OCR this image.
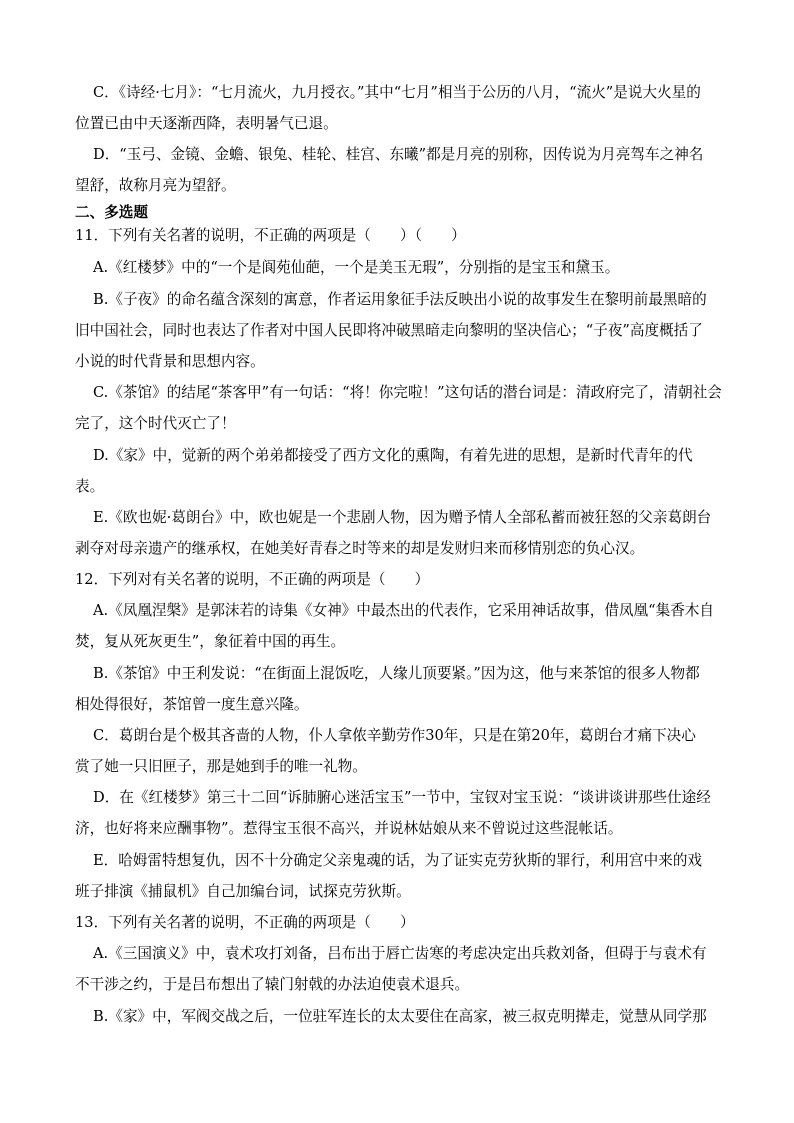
C．《诗经·七月》：“七月流火，九月授衣。”其中“七月”相当于公历的八月，“流火”是说大火星的
位置已由中天逐渐西降，表明暑气已退。
D．“玉弓、金镜、金蟾、银兔、桂轮、桂宫、东曦”都是月亮的别称，因传说为月亮驾车之神名
望舒，故称月亮为望舒。
二、多选题
11．下列有关名著的说明，不正确的两项是（　　）（　　）
A.《红楼梦》中的“一个是阆苑仙葩，一个是美玉无瑕”，分别指的是宝玉和黛玉。
B.《子夜》的命名蕴含深刻的寓意，作者运用象征手法反映出小说的故事发生在黎明前最黑暗的
旧中国社会，同时也表达了作者对中国人民即将冲破黑暗走向黎明的坚决信心；“子夜”高度概括了
小说的时代背景和思想内容。
C.《茶馆》的结尾“茶客甲”有一句话：“将！你完啦！”这句话的潜台词是：清政府完了，清朝社会
完了，这个时代灭亡了！
D.《家》中，觉新的两个弟弟都接受了西方文化的熏陶，有着先进的思想，是新时代青年的代
表。
E.《欧也妮·葛朗台》中，欧也妮是一个悲剧人物，因为赠予情人全部私蓄而被狂怒的父亲葛朗台
剥夺对母亲遗产的继承权，在她美好青春之时等来的却是发财归来而移情别恋的负心汉。
12．下列对有关名著的说明，不正确的两项是（　　）
A.《凤凰涅槃》是郭沫若的诗集《女神》中最杰出的代表作，它采用神话故事，借凤凰“集香木自
焚，复从死灰更生”，象征着中国的再生。
B.《茶馆》中王利发说：“在街面上混饭吃，人缘儿顶要紧。”因为这，他与来茶馆的很多人物都
相处得很好，茶馆曾一度生意兴隆。
C．葛朗台是个极其吝啬的人物，仆人拿侬辛勤劳作30年，只是在第20年，葛朗台才痛下决心
赏了她一只旧匣子，那是她到手的唯一礼物。
D．在《红楼梦》第三十二回“诉肺腑心迷活宝玉”一节中，宝钗对宝玉说：“谈讲谈讲那些仕途经
济，也好将来应酬事物”。惹得宝玉很不高兴，并说林姑娘从来不曾说过这些混帐话。
E．哈姆雷特想复仇，因不十分确定父亲鬼魂的话，为了证实克劳狄斯的罪行，利用宫中来的戏
班子排演《捕鼠机》自己加编台词，试探克劳狄斯。
13．下列有关名著的说明，不正确的两项是（　　）
A.《三国演义》中，袁术攻打刘备，吕布出于唇亡齿寒的考虑决定出兵救刘备，但碍于与袁术有
不干涉之约，于是吕布想出了辕门射戟的办法迫使袁术退兵。
B.《家》中，军阀交战之后，一位驻军连长的太太要住在高家，被三叔克明撵走，觉慧从同学那
